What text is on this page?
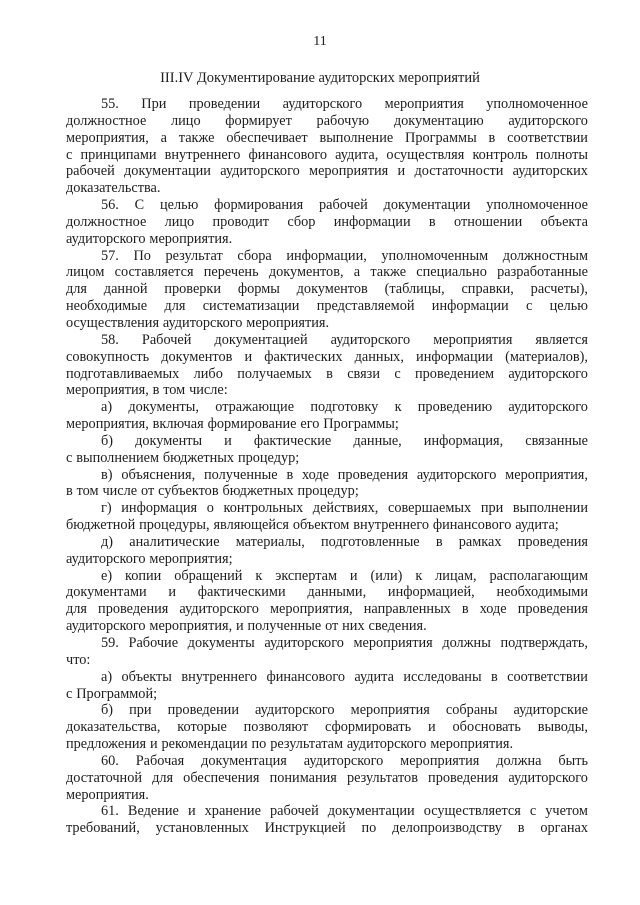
11
III.IV Документирование аудиторских мероприятий
55. При проведении аудиторского мероприятия уполномоченное
должностное лицо формирует рабочую документацию аудиторского
мероприятия, а также обеспечивает выполнение Программы в соответствии
с принципами внутреннего финансового аудита, осуществляя контроль полноты
рабочей документации аудиторского мероприятия и достаточности аудиторских
доказательства.
56. С целью формирования рабочей документации уполномоченное
должностное лицо проводит сбор информации в отношении объекта
аудиторского мероприятия.
57. По результат сбора информации, уполномоченным должностным
лицом составляется перечень документов, а также специально разработанные
для данной проверки формы документов (таблицы, справки, расчеты),
необходимые для систематизации представляемой информации с целью
осуществления аудиторского мероприятия.
58. Рабочей документацией аудиторского мероприятия является
совокупность документов и фактических данных, информации (материалов),
подготавливаемых либо получаемых в связи с проведением аудиторского
мероприятия, в том числе:
а) документы, отражающие подготовку к проведению аудиторского
мероприятия, включая формирование его Программы;
б) документы и фактические данные, информация, связанные
с выполнением бюджетных процедур;
в) объяснения, полученные в ходе проведения аудиторского мероприятия,
в том числе от субъектов бюджетных процедур;
г) информация о контрольных действиях, совершаемых при выполнении
бюджетной процедуры, являющейся объектом внутреннего финансового аудита;
д) аналитические материалы, подготовленные в рамках проведения
аудиторского мероприятия;
е) копии обращений к экспертам и (или) к лицам, располагающим
документами и фактическими данными, информацией, необходимыми
для проведения аудиторского мероприятия, направленных в ходе проведения
аудиторского мероприятия, и полученные от них сведения.
59. Рабочие документы аудиторского мероприятия должны подтверждать,
что:
а) объекты внутреннего финансового аудита исследованы в соответствии
с Программой;
б) при проведении аудиторского мероприятия собраны аудиторские
доказательства, которые позволяют сформировать и обосновать выводы,
предложения и рекомендации по результатам аудиторского мероприятия.
60. Рабочая документация аудиторского мероприятия должна быть
достаточной для обеспечения понимания результатов проведения аудиторского
мероприятия.
61. Ведение и хранение рабочей документации осуществляется с учетом
требований, установленных Инструкцией по делопроизводству в органах
